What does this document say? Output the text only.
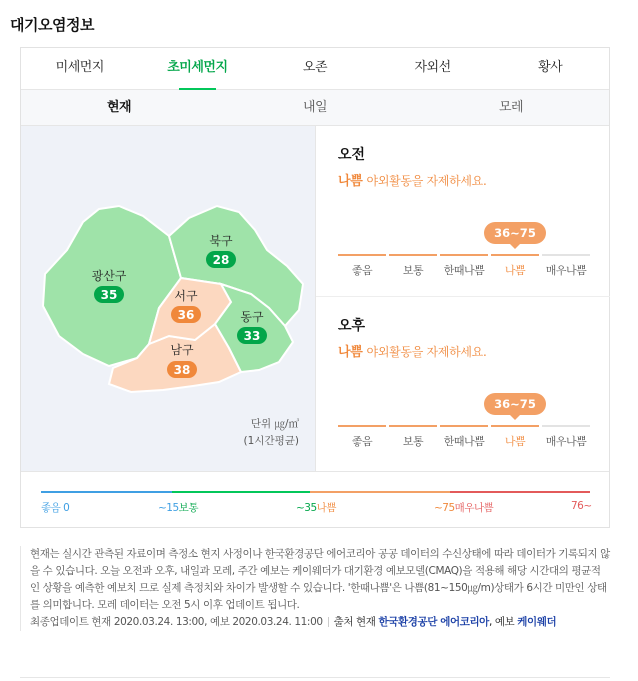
대기오염정보
미세먼지	초미세먼지	오존	자외선	황사
현재	내일	모레
광산구
35
북구
28
서구
36	동구
33
남구
38
단위 ㎍/㎥
(1시간평균)
오전
나쁨 야외활동을 자제하세요.
36~75
좋음	보통	한때나쁨	나쁨	매우나쁨
오후
나쁨 야외활동을 자제하세요.
36~75
좋음	보통	한때나쁨	나쁨	매우나쁨
좋음 0	~15보통	~35나쁨	~75매우나쁨	76~
현재는 실시간 관측된 자료이며 측정소 현지 사정이나 한국환경공단 에어코리아 공공 데이터의 수신상태에 따라 데이터가 기록되지 않을 수 있습니다. 오늘 오전과 오후, 내일과 모레, 주간 예보는 케이웨더가 대기환경 예보모델(CMAQ)을 적용해 해당 시간대의 평균적인 상황을 예측한 예보치 므로 실제 측정치와 차이가 발생할 수 있습니다. '한때나쁨'은 나쁨(81~150㎍/m)상태가 6시간 미만인 상태를 의미합니다. 모레 데이터는 오전 5시 이후 업데이트 됩니다.
최종업데이트 현재 2020.03.24. 13:00, 예보 2020.03.24. 11:00 출처 현재 한국환경공단 에어코리아, 예보 케이웨더
